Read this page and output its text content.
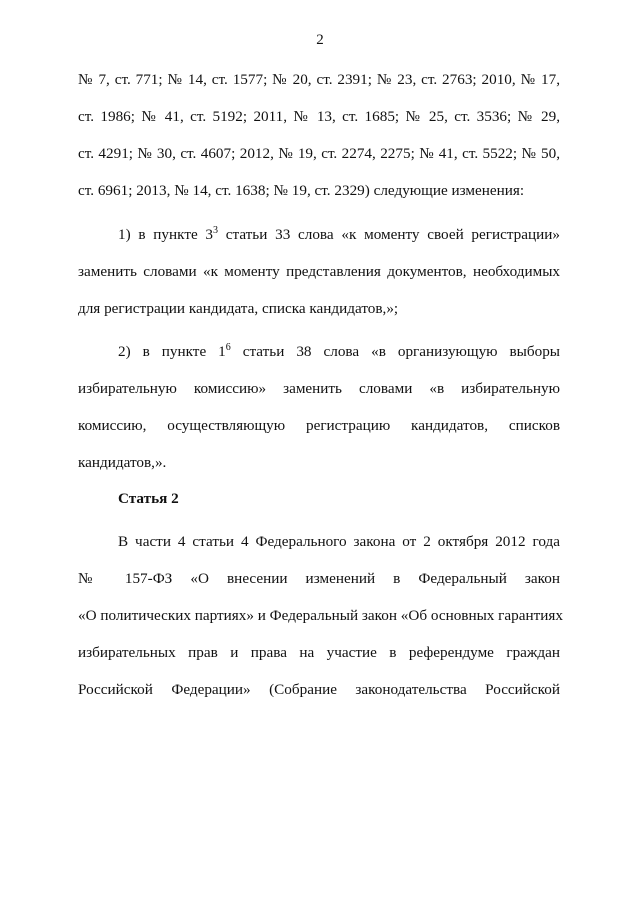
2
№ 7, ст. 771; № 14, ст. 1577; № 20, ст. 2391; № 23, ст. 2763; 2010, № 17,
ст. 1986; № 41, ст. 5192; 2011, № 13, ст. 1685; № 25, ст. 3536; № 29,
ст. 4291; № 30, ст. 4607; 2012, № 19, ст. 2274, 2275; № 41, ст. 5522; № 50,
ст. 6961; 2013, № 14, ст. 1638; № 19, ст. 2329) следующие изменения:
1) в пункте $3^3$ статьи 33 слова «к моменту своей регистрации»
заменить словами «к моменту представления документов, необходимых
для регистрации кандидата, списка кандидатов,»;
2) в пункте $1^6$ статьи 38 слова «в организующую выборы
избирательную комиссию» заменить словами «в избирательную
комиссию, осуществляющую регистрацию кандидатов, списков
кандидатов,».
Статья 2
В части 4 статьи 4 Федерального закона от 2 октября 2012 года
№ 157-ФЗ «О внесении изменений в Федеральный закон
«О политических партиях» и Федеральный закон «Об основных гарантиях
избирательных прав и права на участие в референдуме граждан
Российской Федерации» (Собрание законодательства Российской
